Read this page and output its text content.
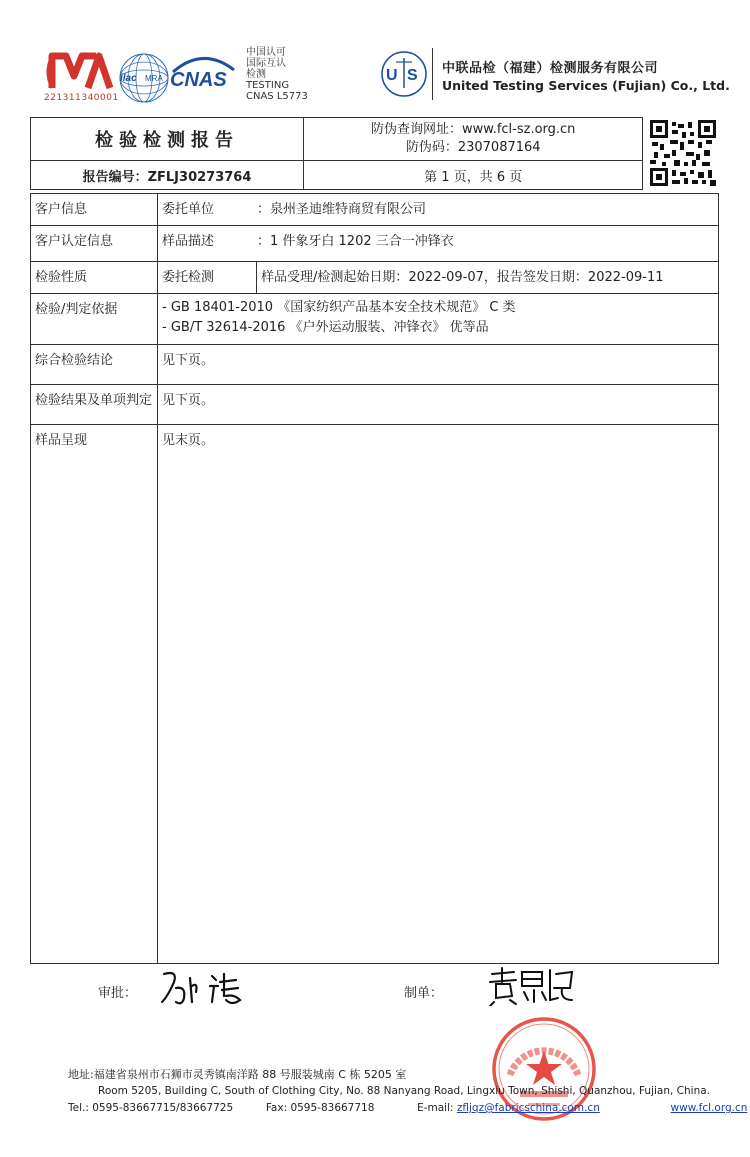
221311340001
ilac MRA CNAS
中国认可
国际互认
检测
TESTING
CNAS L5773
U S 中联品检（福建）检测服务有限公司
United Testing Services (Fujian) Co., Ltd.
检验检测报告	防伪查询网址：www.fcl-sz.org.cn
防伪码：2307087164	

报告编号：ZFLJ30273764	第 1 页，共 6 页	
客户信息	委托单位 ：泉州圣迪维特商贸有限公司	
客户认定信息	样品描述 ：1 件象牙白 1202 三合一冲锋衣	
检验性质	委托检测	样品受理/检测起始日期：2022-09-07，报告签发日期：2022-09-11
检验/判定依据	- GB 18401-2010 《国家纺织产品基本安全技术规范》 C 类
- GB/T 32614-2016 《户外运动服装、冲锋衣》 优等品	

综合检验结论	见下页。	
检验结果及单项判定	见下页。	
样品呈现	见末页。	
审批：	制单：
地址:福建省泉州市石狮市灵秀镇南洋路 88 号服装城南 C 栋 5205 室
Room 5205, Building C, South of Clothing City, No. 88 Nanyang Road, Lingxiu Town, Shishi, Quanzhou, Fujian, China.
Tel.: 0595-83667715/83667725	Fax: 0595-83667718	E-mail: zfljqz@fabricschina.com.cn	www.fcl.org.cn
